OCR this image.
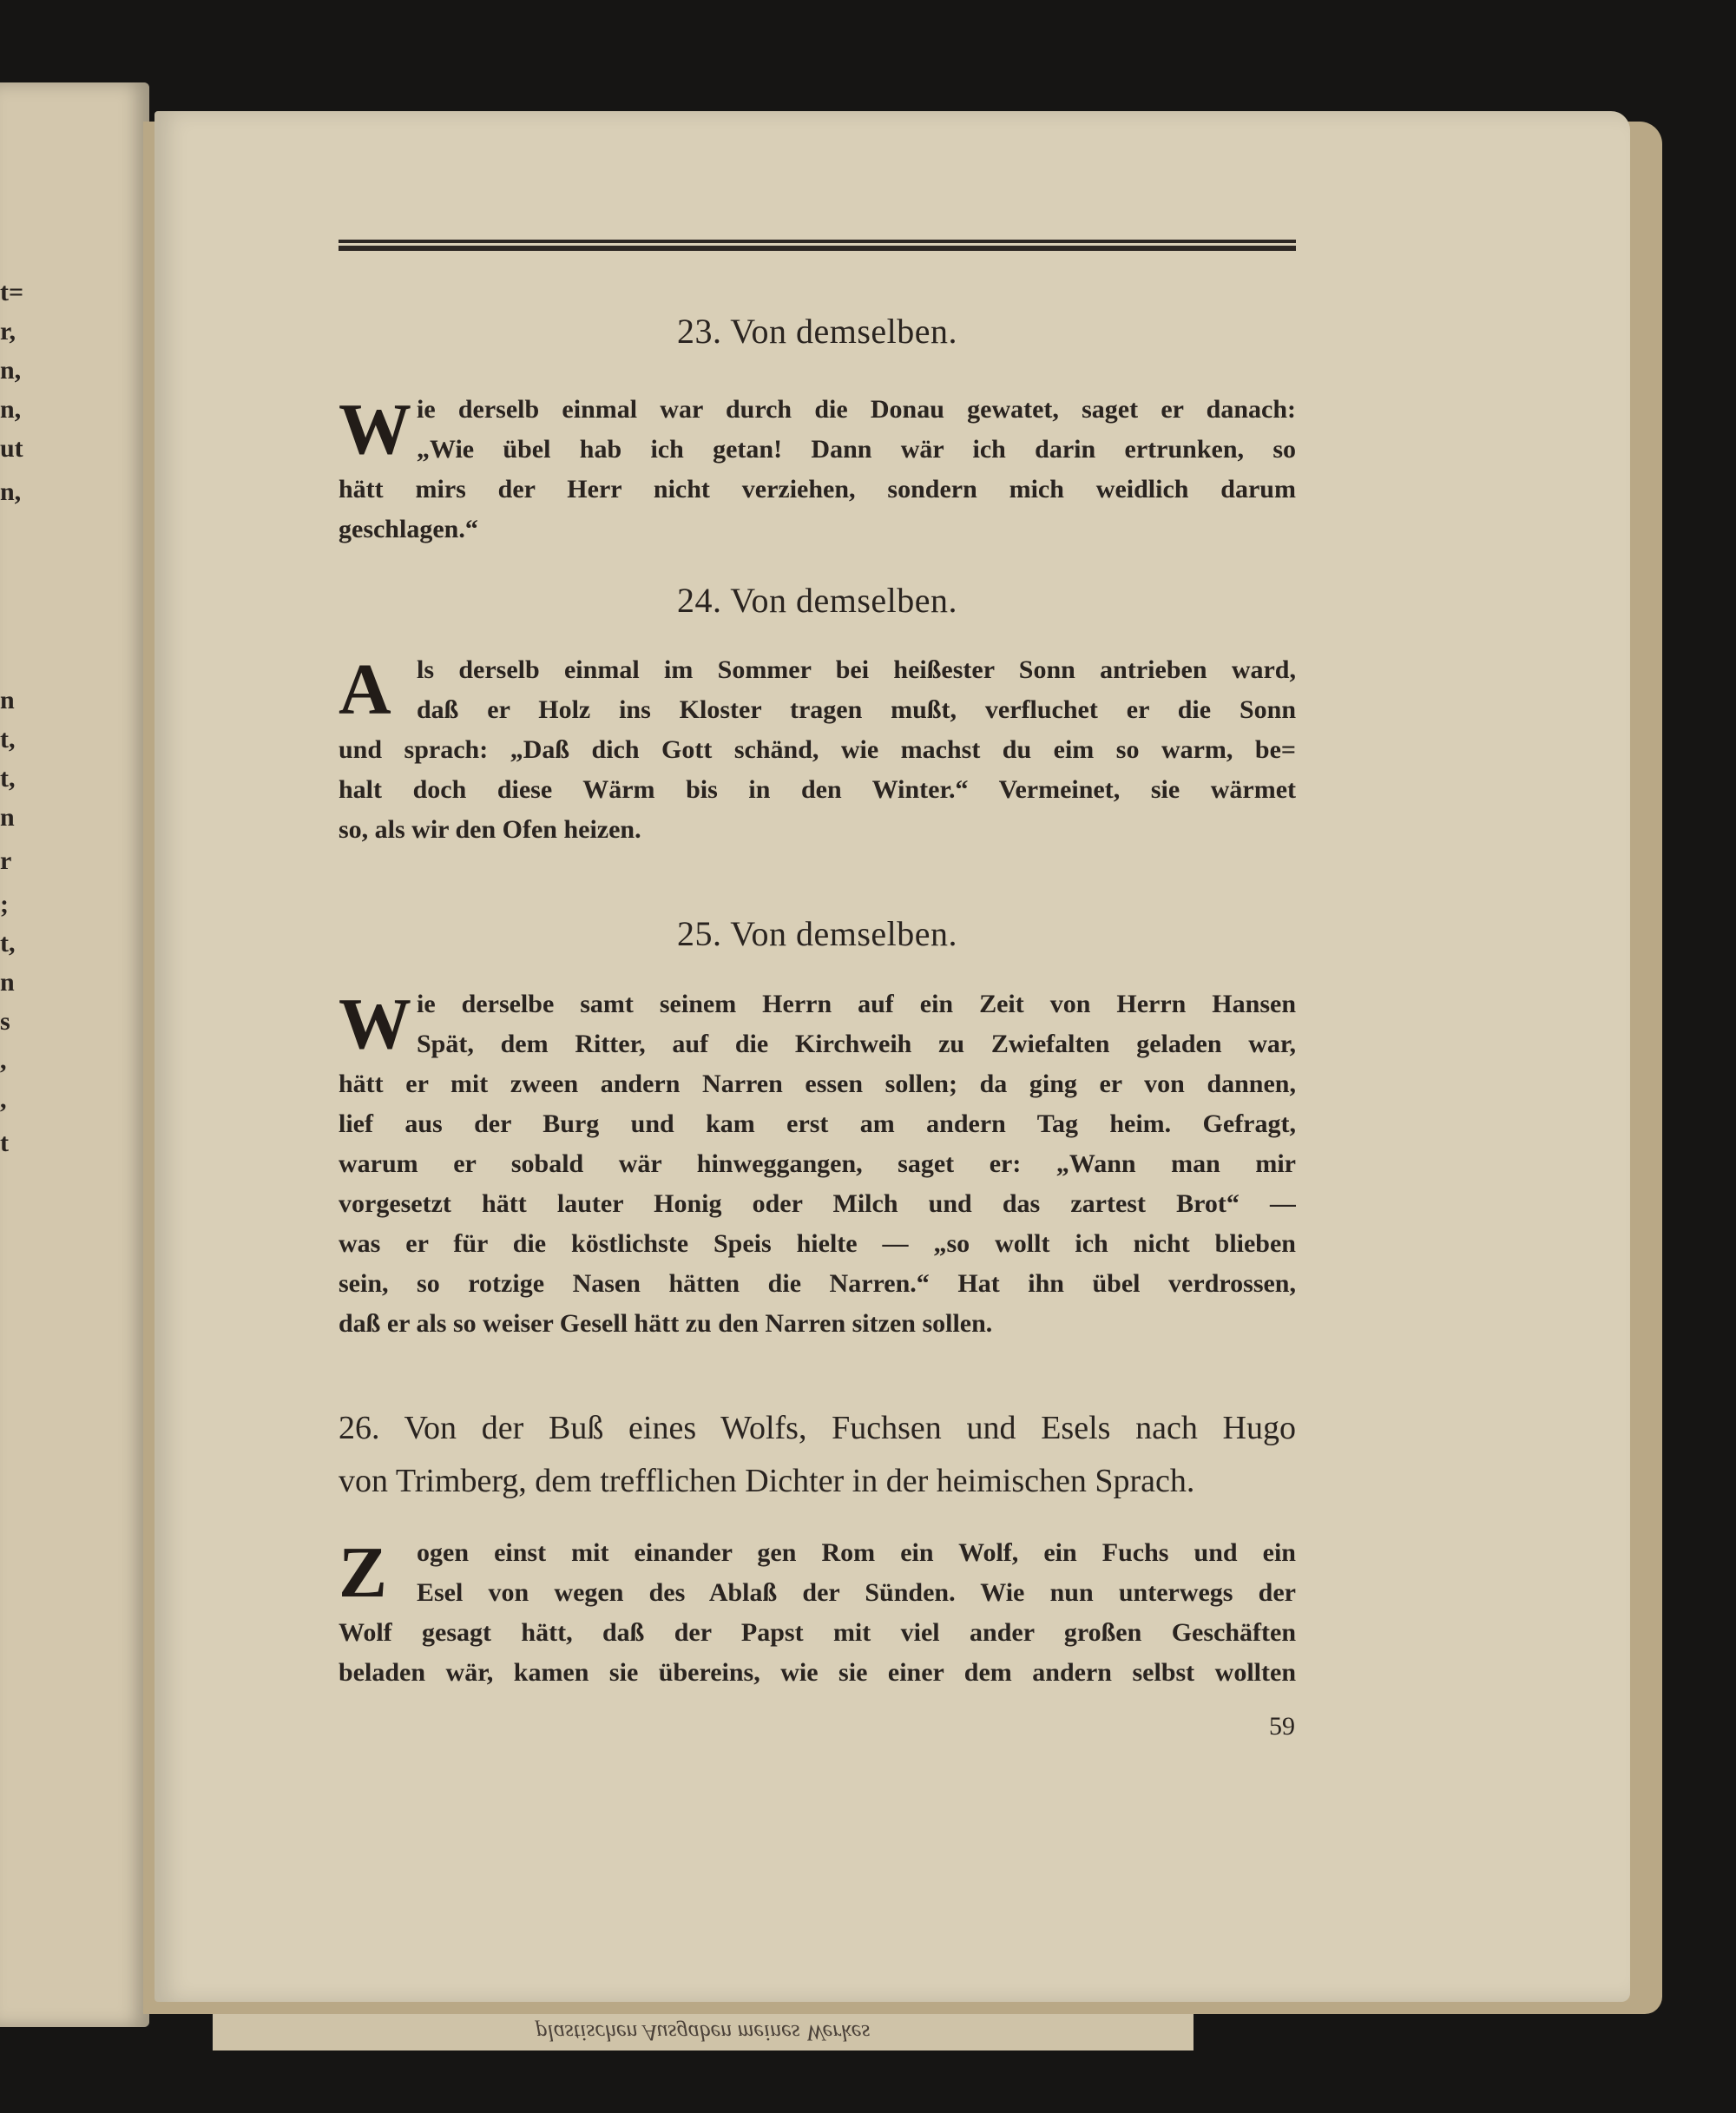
t=
r,
n,
n,
ut
n,
n
t,
t,
n
r
;
t,
n
s
,
,
t
plastischen Ausgaben meines Werkes
23. Von demselben.
W ie derselb einmal war durch die Donau gewatet, saget er danach:
„Wie übel hab ich getan! Dann wär ich darin ertrunken, so
hätt mirs der Herr nicht verziehen, sondern mich weidlich darum
geschlagen.“
24. Von demselben.
A ls derselb einmal im Sommer bei heißester Sonn antrieben ward,
daß er Holz ins Kloster tragen mußt, verfluchet er die Sonn
und sprach: „Daß dich Gott schänd, wie machst du eim so warm, be=
halt doch diese Wärm bis in den Winter.“ Vermeinet, sie wärmet
so, als wir den Ofen heizen.
25. Von demselben.
W ie derselbe samt seinem Herrn auf ein Zeit von Herrn Hansen
Spät, dem Ritter, auf die Kirchweih zu Zwiefalten geladen war,
hätt er mit zween andern Narren essen sollen; da ging er von dannen,
lief aus der Burg und kam erst am andern Tag heim. Gefragt,
warum er sobald wär hinweggangen, saget er: „Wann man mir
vorgesetzt hätt lauter Honig oder Milch und das zartest Brot“ —
was er für die köstlichste Speis hielte — „so wollt ich nicht blieben
sein, so rotzige Nasen hätten die Narren.“ Hat ihn übel verdrossen,
daß er als so weiser Gesell hätt zu den Narren sitzen sollen.
26. Von der Buß eines Wolfs, Fuchsen und Esels nach Hugo
von Trimberg, dem trefflichen Dichter in der heimischen Sprach.
Z	ogen einst mit einander gen Rom ein Wolf, ein Fuchs und ein
Esel von wegen des Ablaß der Sünden. Wie nun unterwegs der
Wolf gesagt hätt, daß der Papst mit viel ander großen Geschäften
beladen wär, kamen sie übereins, wie sie einer dem andern selbst wollten
59
